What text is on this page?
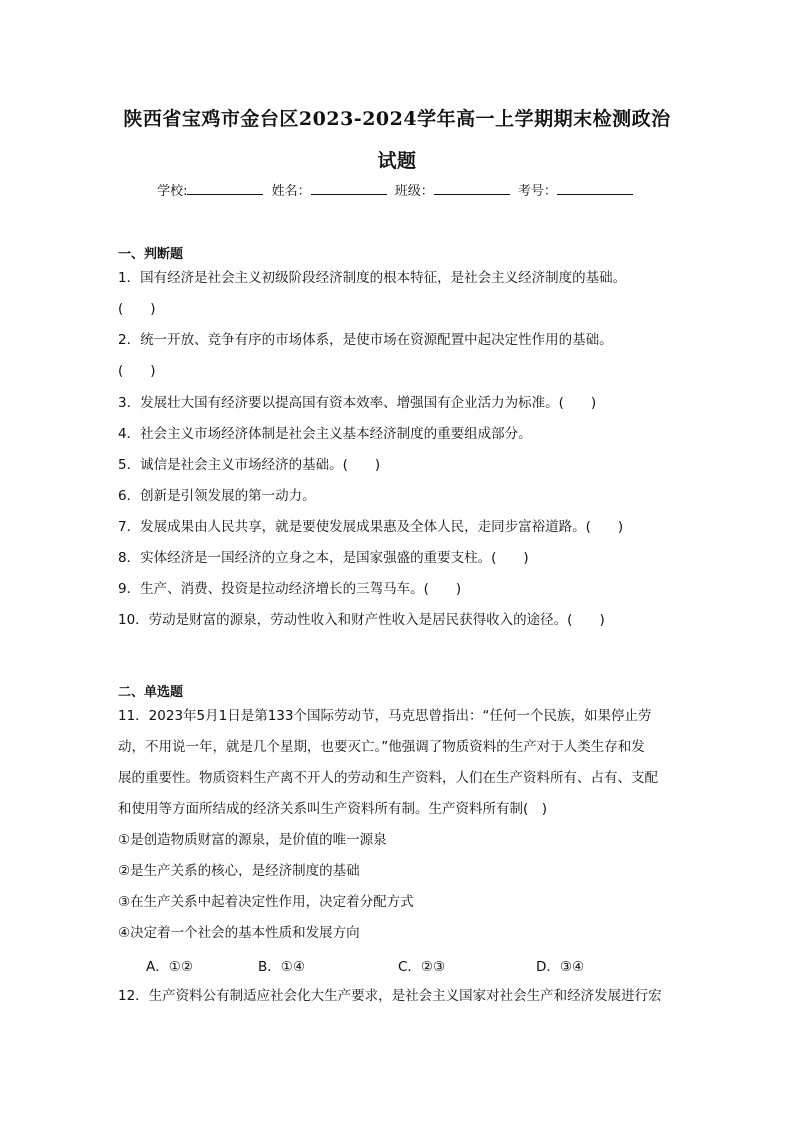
陕西省宝鸡市金台区2023-2024学年高一上学期期末检测政治
试题
学校:	姓名：	班级：	考号：
一、判断题
1．国有经济是社会主义初级阶段经济制度的根本特征，是社会主义经济制度的基础。
(　　)
2．统一开放、竞争有序的市场体系，是使市场在资源配置中起决定性作用的基础。
(　　)
3．发展壮大国有经济要以提高国有资本效率、增强国有企业活力为标准。(　　)
4．社会主义市场经济体制是社会主义基本经济制度的重要组成部分。
5．诚信是社会主义市场经济的基础。(　　)
6．创新是引领发展的第一动力。
7．发展成果由人民共享，就是要使发展成果惠及全体人民，走同步富裕道路。(　　)
8．实体经济是一国经济的立身之本，是国家强盛的重要支柱。(　　)
9．生产、消费、投资是拉动经济增长的三驾马车。(　　)
10．劳动是财富的源泉，劳动性收入和财产性收入是居民获得收入的途径。(　　)
二、单选题
11．2023年5月1日是第133个国际劳动节，马克思曾指出：“任何一个民族，如果停止劳
动，不用说一年，就是几个星期，也要灭亡。”他强调了物质资料的生产对于人类生存和发
展的重要性。物质资料生产离不开人的劳动和生产资料，人们在生产资料所有、占有、支配
和使用等方面所结成的经济关系叫生产资料所有制。生产资料所有制(　)
①是创造物质财富的源泉，是价值的唯一源泉
②是生产关系的核心，是经济制度的基础
③在生产关系中起着决定性作用，决定着分配方式
④决定着一个社会的基本性质和发展方向
A．①②	B．①④	C．②③	D．③④
12．生产资料公有制适应社会化大生产要求，是社会主义国家对社会生产和经济发展进行宏
